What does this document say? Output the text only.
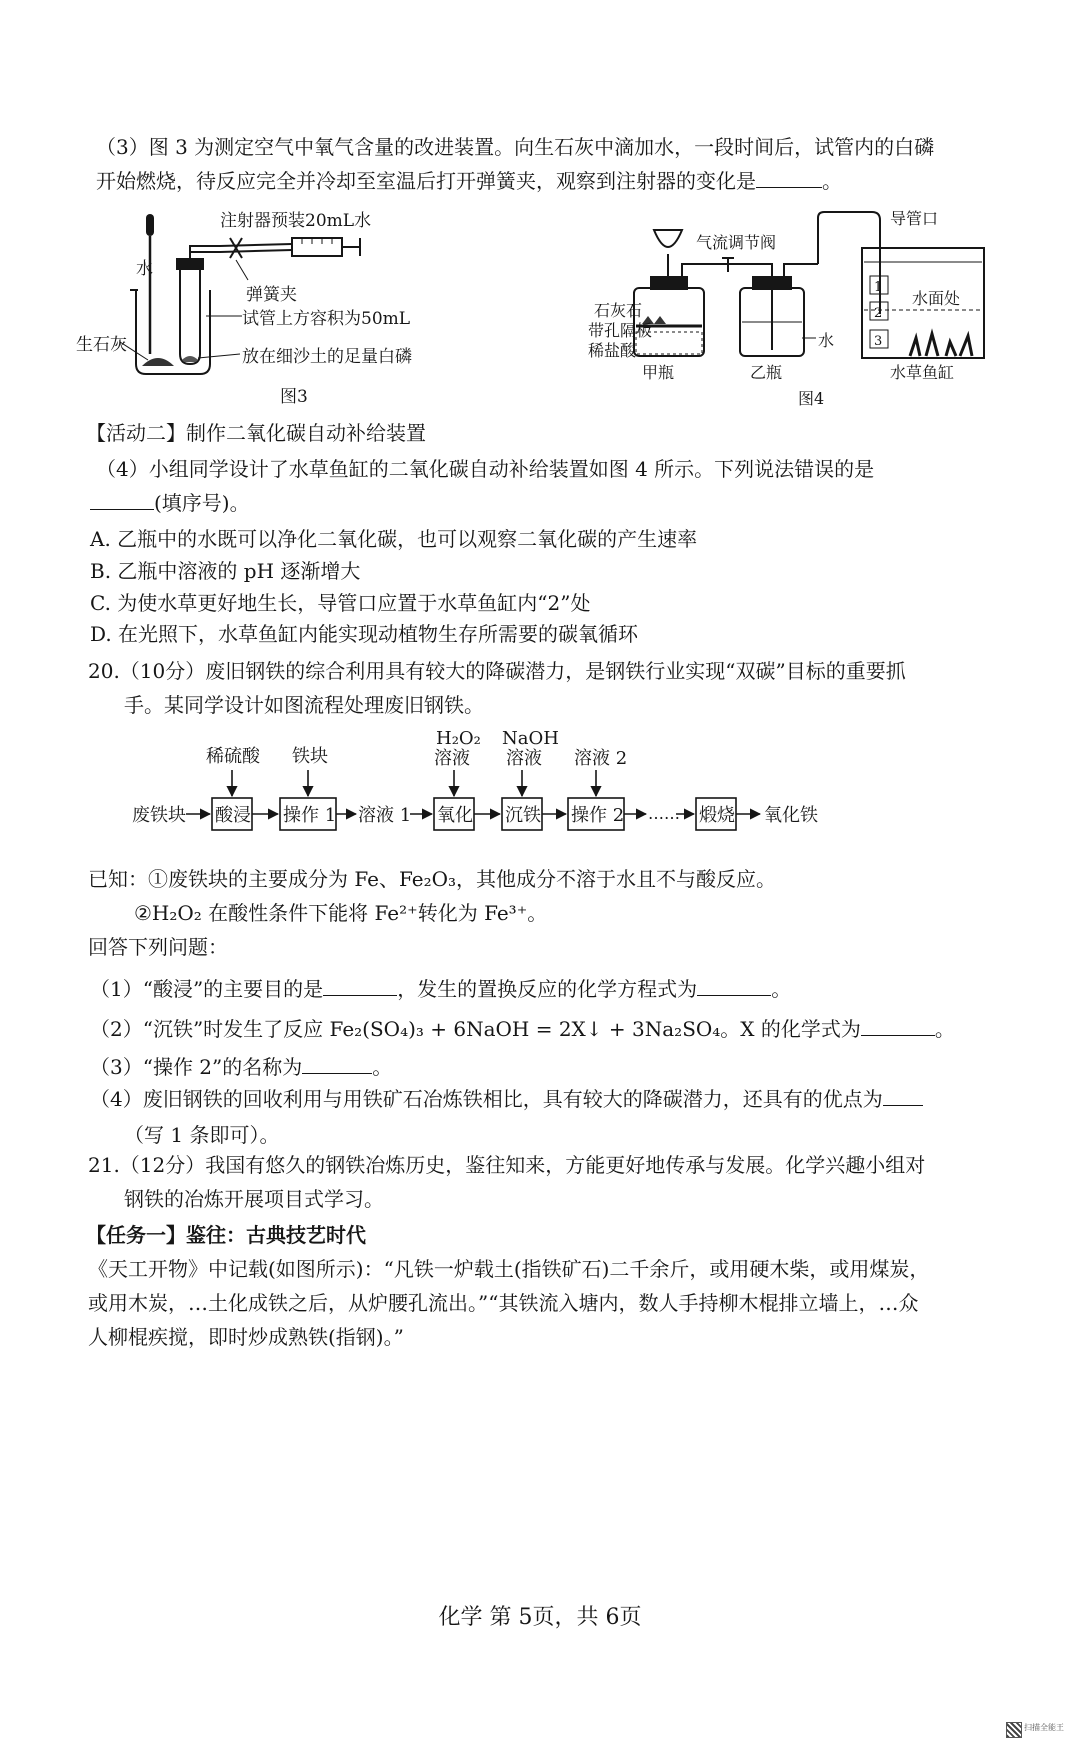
（3）图 3 为测定空气中氧气含量的改进装置。向生石灰中滴加水，一段时间后，试管内的白磷
开始燃烧，待反应完全并冷却至室温后打开弹簧夹，观察到注射器的变化是	。
注射器预装20mL水
水
弹簧夹
试管上方容积为50mL
生石灰
放在细沙土的足量白磷
图3
气流调节阀
导管口
石灰石
带孔隔板
稀盐酸
水
水面处
1
2
3
甲瓶	乙瓶	水草鱼缸
图4
【活动二】制作二氧化碳自动补给装置
（4）小组同学设计了水草鱼缸的二氧化碳自动补给装置如图 4 所示。下列说法错误的是
(填序号)。
A. 乙瓶中的水既可以净化二氧化碳，也可以观察二氧化碳的产生速率
B. 乙瓶中溶液的 pH 逐渐增大
C. 为使水草更好地生长，导管口应置于水草鱼缸内“2”处
D. 在光照下，水草鱼缸内能实现动植物生存所需要的碳氧循环
20.（10分）废旧钢铁的综合利用具有较大的降碳潜力，是钢铁行业实现“双碳”目标的重要抓
手。某同学设计如图流程处理废旧钢铁。
稀硫酸 铁块
H₂O₂
溶液
NaOH
溶液 溶液 2
废铁块 酸浸 操作 1 溶液 1 氧化 沉铁 操作 2 …… 煅烧 氧化铁
已知：①废铁块的主要成分为 Fe、Fe₂O₃，其他成分不溶于水且不与酸反应。
②H₂O₂ 在酸性条件下能将 Fe²⁺转化为 Fe³⁺。
回答下列问题：
（1）“酸浸”的主要目的是	，发生的置换反应的化学方程式为	。
（2）“沉铁”时发生了反应 Fe₂(SO₄)₃ + 6NaOH = 2X↓ + 3Na₂SO₄。X 的化学式为	。
（3）“操作 2”的名称为	。
（4）废旧钢铁的回收利用与用铁矿石冶炼铁相比，具有较大的降碳潜力，还具有的优点为
（写 1 条即可）。
21.（12分）我国有悠久的钢铁冶炼历史，鉴往知来，方能更好地传承与发展。化学兴趣小组对
钢铁的冶炼开展项目式学习。
【任务一】鉴往：古典技艺时代
《天工开物》中记载(如图所示)：“凡铁一炉载土(指铁矿石)二千余斤，或用硬木柴，或用煤炭，
或用木炭，…土化成铁之后，从炉腰孔流出。”“其铁流入塘内，数人手持柳木棍排立墙上，…众
人柳棍疾搅，即时炒成熟铁(指钢)。”
化学 第 5页，共 6页
扫描全能王
